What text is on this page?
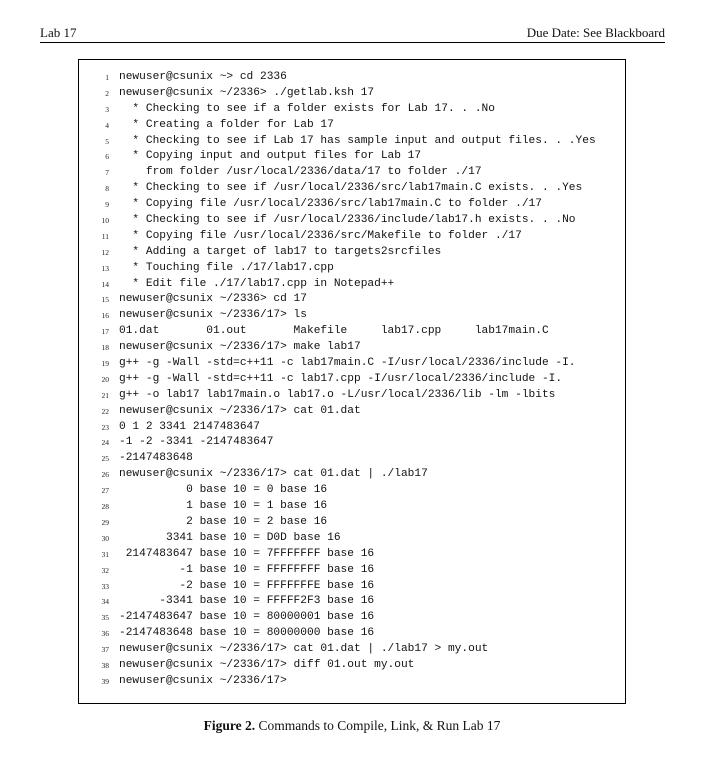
Lab 17	Due Date: See Blackboard
1 newuser@csunix ~> cd 2336
2 newuser@csunix ~/2336> ./getlab.ksh 17
3 * Checking to see if a folder exists for Lab 17. . .No
4 * Creating a folder for Lab 17
5 * Checking to see if Lab 17 has sample input and output files. . .Yes
6 * Copying input and output files for Lab 17
7 from folder /usr/local/2336/data/17 to folder ./17
8 * Checking to see if /usr/local/2336/src/lab17main.C exists. . .Yes
9 * Copying file /usr/local/2336/src/lab17main.C to folder ./17
10 * Checking to see if /usr/local/2336/include/lab17.h exists. . .No
11 * Copying file /usr/local/2336/src/Makefile to folder ./17
12 * Adding a target of lab17 to targets2srcfiles
13 * Touching file ./17/lab17.cpp
14 * Edit file ./17/lab17.cpp in Notepad++
15 newuser@csunix ~/2336> cd 17
16 newuser@csunix ~/2336/17> ls
17 01.dat       01.out       Makefile     lab17.cpp     lab17main.C
18 newuser@csunix ~/2336/17> make lab17
19 g++ -g -Wall -std=c++11 -c lab17main.C -I/usr/local/2336/include -I.
20 g++ -g -Wall -std=c++11 -c lab17.cpp -I/usr/local/2336/include -I.
21 g++ -o lab17 lab17main.o lab17.o -L/usr/local/2336/lib -lm -lbits
22 newuser@csunix ~/2336/17> cat 01.dat
23 0 1 2 3341 2147483647
24 -1 -2 -3341 -2147483647
25 -2147483648
26 newuser@csunix ~/2336/17> cat 01.dat | ./lab17
27 0 base 10 = 0 base 16
28 1 base 10 = 1 base 16
29 2 base 10 = 2 base 16
30 3341 base 10 = D0D base 16
31 2147483647 base 10 = 7FFFFFFF base 16
32 -1 base 10 = FFFFFFFF base 16
33 -2 base 10 = FFFFFFFE base 16
34 -3341 base 10 = FFFFF2F3 base 16
35 -2147483647 base 10 = 80000001 base 16
36 -2147483648 base 10 = 80000000 base 16
37 newuser@csunix ~/2336/17> cat 01.dat | ./lab17 > my.out
38 newuser@csunix ~/2336/17> diff 01.out my.out
39 newuser@csunix ~/2336/17>
Figure 2. Commands to Compile, Link, & Run Lab 17
